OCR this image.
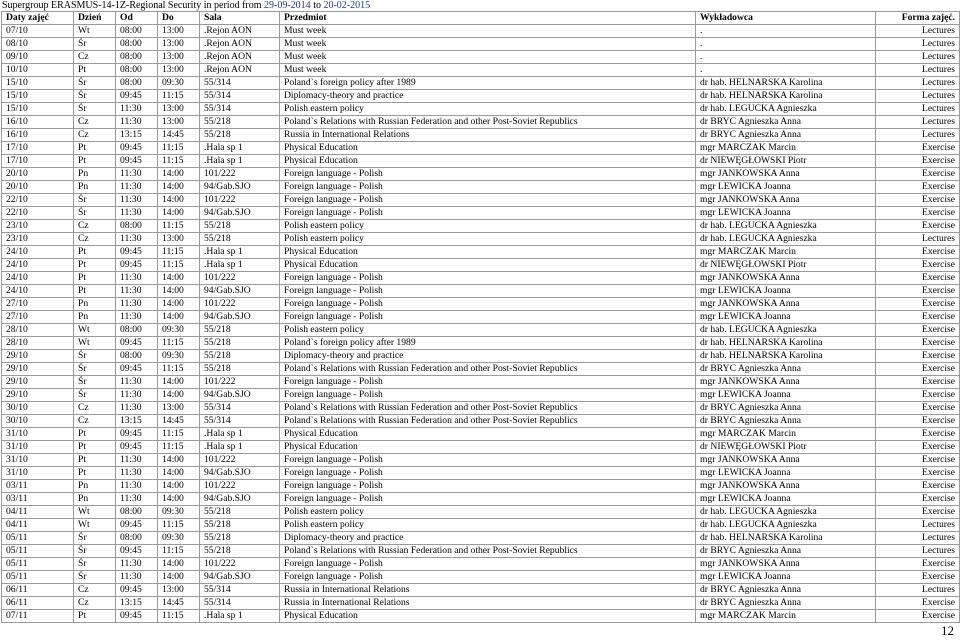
Supergroup ERASMUS-14-1Z-Regional Security in period from 29-09-2014 to 20-02-2015
Daty zajęć	Dzień	Od	Do	Sala	Przedmiot	Wykładowca	Forma zajęć.
07/10	Wt	08:00	13:00	.Rejon AON	Must week	.	Lectures
08/10	Śr	08:00	13:00	.Rejon AON	Must week	.	Lectures
09/10	Cz	08:00	13:00	.Rejon AON	Must week	.	Lectures
10/10	Pt	08:00	13:00	.Rejon AON	Must week	.	Lectures
15/10	Śr	08:00	09:30	55/314	Poland`s foreign policy after 1989	dr hab. HELNARSKA Karolina	Lectures
15/10	Śr	09:45	11:15	55/314	Diplomacy-theory and practice	dr hab. HELNARSKA Karolina	Lectures
15/10	Śr	11:30	13:00	55/314	Polish eastern policy	dr hab. LEGUCKA Agnieszka	Lectures
16/10	Cz	11:30	13:00	55/218	Poland`s Relations with Russian Federation and other Post-Soviet Republics	dr BRYC Agnieszka Anna	Lectures
16/10	Cz	13:15	14:45	55/218	Russia in International Relations	dr BRYC Agnieszka Anna	Lectures
17/10	Pt	09:45	11:15	.Hala sp 1	Physical Education	mgr MARCZAK Marcin	Exercise
17/10	Pt	09:45	11:15	.Hala sp 1	Physical Education	dr NIEWĘGŁOWSKI Piotr	Exercise
20/10	Pn	11:30	14:00	101/222	Foreign language - Polish	mgr JANKOWSKA Anna	Exercise
20/10	Pn	11:30	14:00	94/Gab.SJO	Foreign language - Polish	mgr LEWICKA Joanna	Exercise
22/10	Śr	11:30	14:00	101/222	Foreign language - Polish	mgr JANKOWSKA Anna	Exercise
22/10	Śr	11:30	14:00	94/Gab.SJO	Foreign language - Polish	mgr LEWICKA Joanna	Exercise
23/10	Cz	08:00	11:15	55/218	Polish eastern policy	dr hab. LEGUCKA Agnieszka	Exercise
23/10	Cz	11:30	13:00	55/218	Polish eastern policy	dr hab. LEGUCKA Agnieszka	Lectures
24/10	Pt	09:45	11:15	.Hala sp 1	Physical Education	mgr MARCZAK Marcin	Exercise
24/10	Pt	09:45	11:15	.Hala sp 1	Physical Education	dr NIEWĘGŁOWSKI Piotr	Exercise
24/10	Pt	11:30	14:00	101/222	Foreign language - Polish	mgr JANKOWSKA Anna	Exercise
24/10	Pt	11:30	14:00	94/Gab.SJO	Foreign language - Polish	mgr LEWICKA Joanna	Exercise
27/10	Pn	11:30	14:00	101/222	Foreign language - Polish	mgr JANKOWSKA Anna	Exercise
27/10	Pn	11:30	14:00	94/Gab.SJO	Foreign language - Polish	mgr LEWICKA Joanna	Exercise
28/10	Wt	08:00	09:30	55/218	Polish eastern policy	dr hab. LEGUCKA Agnieszka	Exercise
28/10	Wt	09:45	11:15	55/218	Poland`s foreign policy after 1989	dr hab. HELNARSKA Karolina	Exercise
29/10	Śr	08:00	09:30	55/218	Diplomacy-theory and practice	dr hab. HELNARSKA Karolina	Exercise
29/10	Śr	09:45	11:15	55/218	Poland`s Relations with Russian Federation and other Post-Soviet Republics	dr BRYC Agnieszka Anna	Exercise
29/10	Śr	11:30	14:00	101/222	Foreign language - Polish	mgr JANKOWSKA Anna	Exercise
29/10	Śr	11:30	14:00	94/Gab.SJO	Foreign language - Polish	mgr LEWICKA Joanna	Exercise
30/10	Cz	11:30	13:00	55/314	Poland`s Relations with Russian Federation and other Post-Soviet Republics	dr BRYC Agnieszka Anna	Exercise
30/10	Cz	13:15	14:45	55/314	Poland`s Relations with Russian Federation and other Post-Soviet Republics	dr BRYC Agnieszka Anna	Exercise
31/10	Pt	09:45	11:15	.Hala sp 1	Physical Education	mgr MARCZAK Marcin	Exercise
31/10	Pt	09:45	11:15	.Hala sp 1	Physical Education	dr NIEWĘGŁOWSKI Piotr	Exercise
31/10	Pt	11:30	14:00	101/222	Foreign language - Polish	mgr JANKOWSKA Anna	Exercise
31/10	Pt	11:30	14:00	94/Gab.SJO	Foreign language - Polish	mgr LEWICKA Joanna	Exercise
03/11	Pn	11:30	14:00	101/222	Foreign language - Polish	mgr JANKOWSKA Anna	Exercise
03/11	Pn	11:30	14:00	94/Gab.SJO	Foreign language - Polish	mgr LEWICKA Joanna	Exercise
04/11	Wt	08:00	09:30	55/218	Polish eastern policy	dr hab. LEGUCKA Agnieszka	Exercise
04/11	Wt	09:45	11:15	55/218	Polish eastern policy	dr hab. LEGUCKA Agnieszka	Lectures
05/11	Śr	08:00	09:30	55/218	Diplomacy-theory and practice	dr hab. HELNARSKA Karolina	Lectures
05/11	Śr	09:45	11:15	55/218	Poland`s Relations with Russian Federation and other Post-Soviet Republics	dr BRYC Agnieszka Anna	Lectures
05/11	Śr	11:30	14:00	101/222	Foreign language - Polish	mgr JANKOWSKA Anna	Exercise
05/11	Śr	11:30	14:00	94/Gab.SJO	Foreign language - Polish	mgr LEWICKA Joanna	Exercise
06/11	Cz	09:45	13:00	55/314	Russia in International Relations	dr BRYC Agnieszka Anna	Lectures
06/11	Cz	13:15	14:45	55/314	Russia in International Relations	dr BRYC Agnieszka Anna	Exercise
07/11	Pt	09:45	11:15	.Hala sp 1	Physical Education	mgr MARCZAK Marcin	Exercise
12
